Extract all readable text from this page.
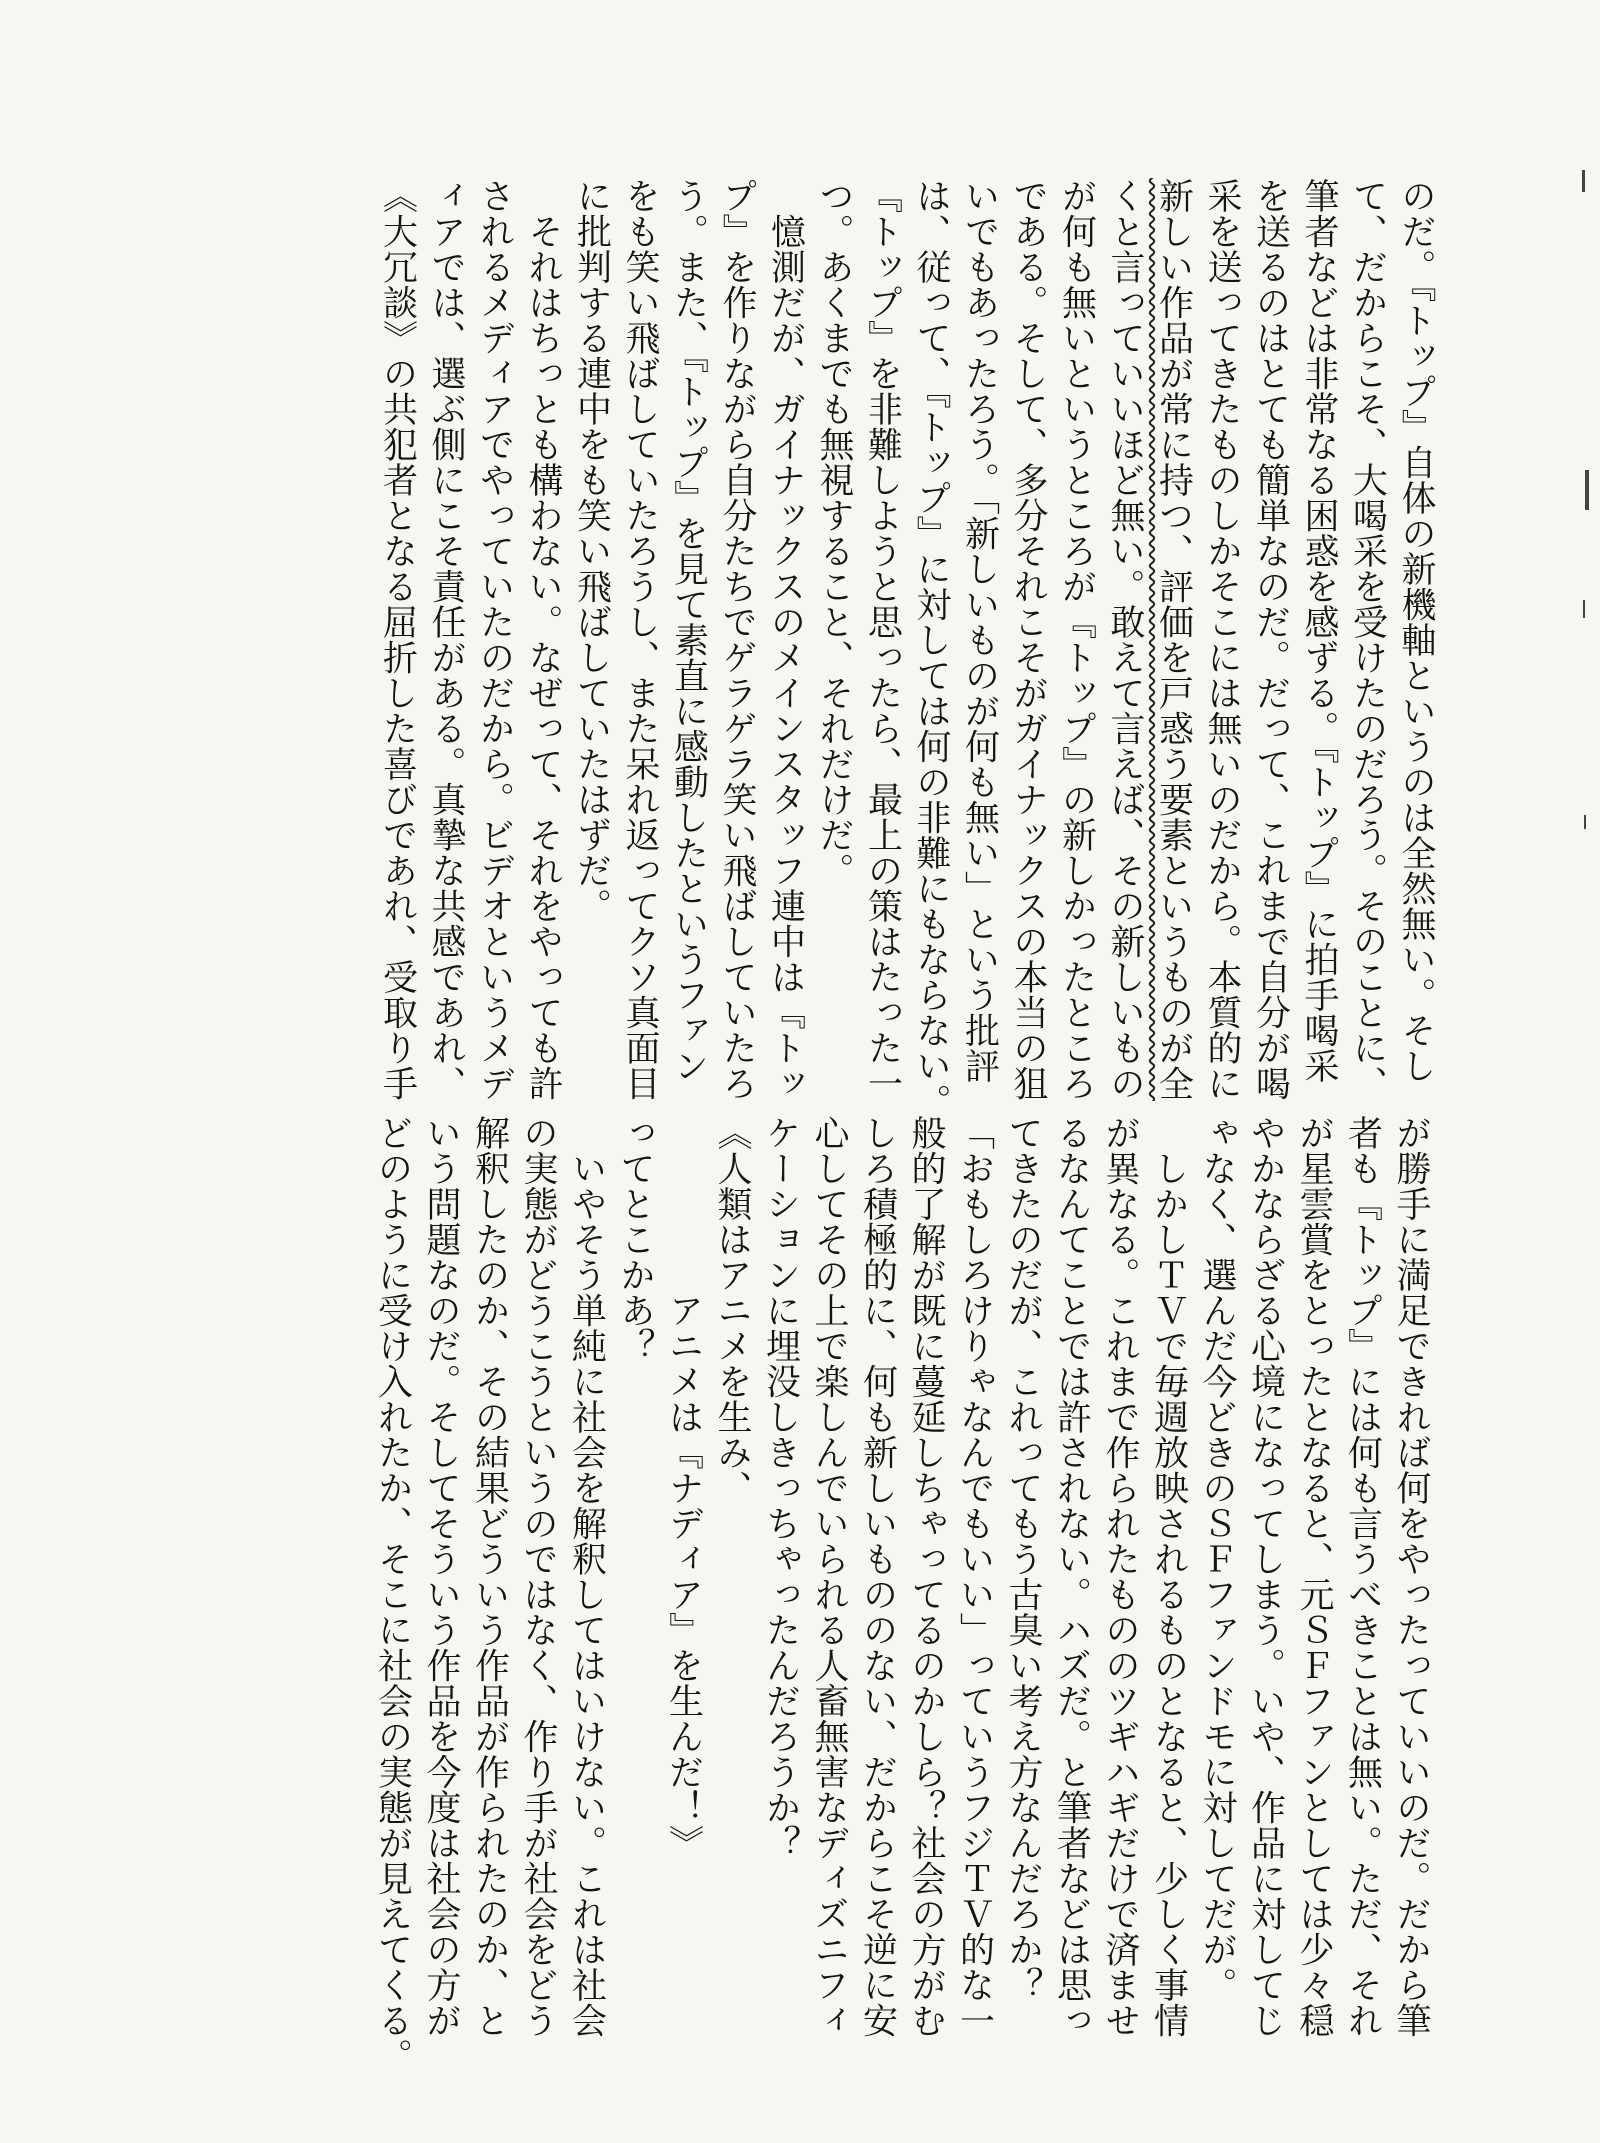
のだ。『トップ』自体の新機軸というのは全然無い。そし
て、だからこそ、大喝采を受けたのだろう。そのことに、
筆者などは非常なる困惑を感ずる。『トップ』に拍手喝采
を送るのはとても簡単なのだ。だって、これまで自分が喝
采を送ってきたものしかそこには無いのだから。本質的に
新しい作品が常に持つ、評価を戸惑う要素というものが全
くと言っていいほど無い。敢えて言えば、その新しいもの
が何も無いというところが『トップ』の新しかったところ
である。そして、多分それこそがガイナックスの本当の狙
いでもあったろう。「新しいものが何も無い」という批評
は、従って、『トップ』に対しては何の非難にもならない。
『トップ』を非難しようと思ったら、最上の策はたった一
つ。あくまでも無視すること、それだけだ。
　憶測だが、ガイナックスのメインスタッフ連中は『トッ
プ』を作りながら自分たちでゲラゲラ笑い飛ばしていたろ
う。また、『トップ』を見て素直に感動したというファン
をも笑い飛ばしていたろうし、また呆れ返ってクソ真面目
に批判する連中をも笑い飛ばしていたはずだ。
　それはちっとも構わない。なぜって、それをやっても許
されるメディアでやっていたのだから。ビデオというメデ
ィアでは、選ぶ側にこそ責任がある。真摯な共感であれ、
《大冗談》の共犯者となる屈折した喜びであれ、受取り手
が勝手に満足できれば何をやったっていいのだ。だから筆
者も『トップ』には何も言うべきことは無い。ただ、それ
が星雲賞をとったとなると、元ＳＦファンとしては少々穏
やかならざる心境になってしまう。いや、作品に対してじ
ゃなく、選んだ今どきのＳＦファンドモに対してだが。
　しかしＴＶで毎週放映されるものとなると、少しく事情
が異なる。これまで作られたもののツギハギだけで済ませ
るなんてことでは許されない。ハズだ。と筆者などは思っ
てきたのだが、これってもう古臭い考え方なんだろか？
「おもしろけりゃなんでもいい」っていうフジＴＶ的な一
般的了解が既に蔓延しちゃってるのかしら？社会の方がむ
しろ積極的に、何も新しいもののない、だからこそ逆に安
心してその上で楽しんでいられる人畜無害なディズニフィ
ケーションに埋没しきっちゃったんだろうか？
《人類はアニメを生み、
　　　　　アニメは『ナディア』を生んだ！》
ってとこかあ？
　いやそう単純に社会を解釈してはいけない。これは社会
の実態がどうこうというのではなく、作り手が社会をどう
解釈したのか、その結果どういう作品が作られたのか、と
いう問題なのだ。そしてそういう作品を今度は社会の方が
どのように受け入れたか、そこに社会の実態が見えてくる。
